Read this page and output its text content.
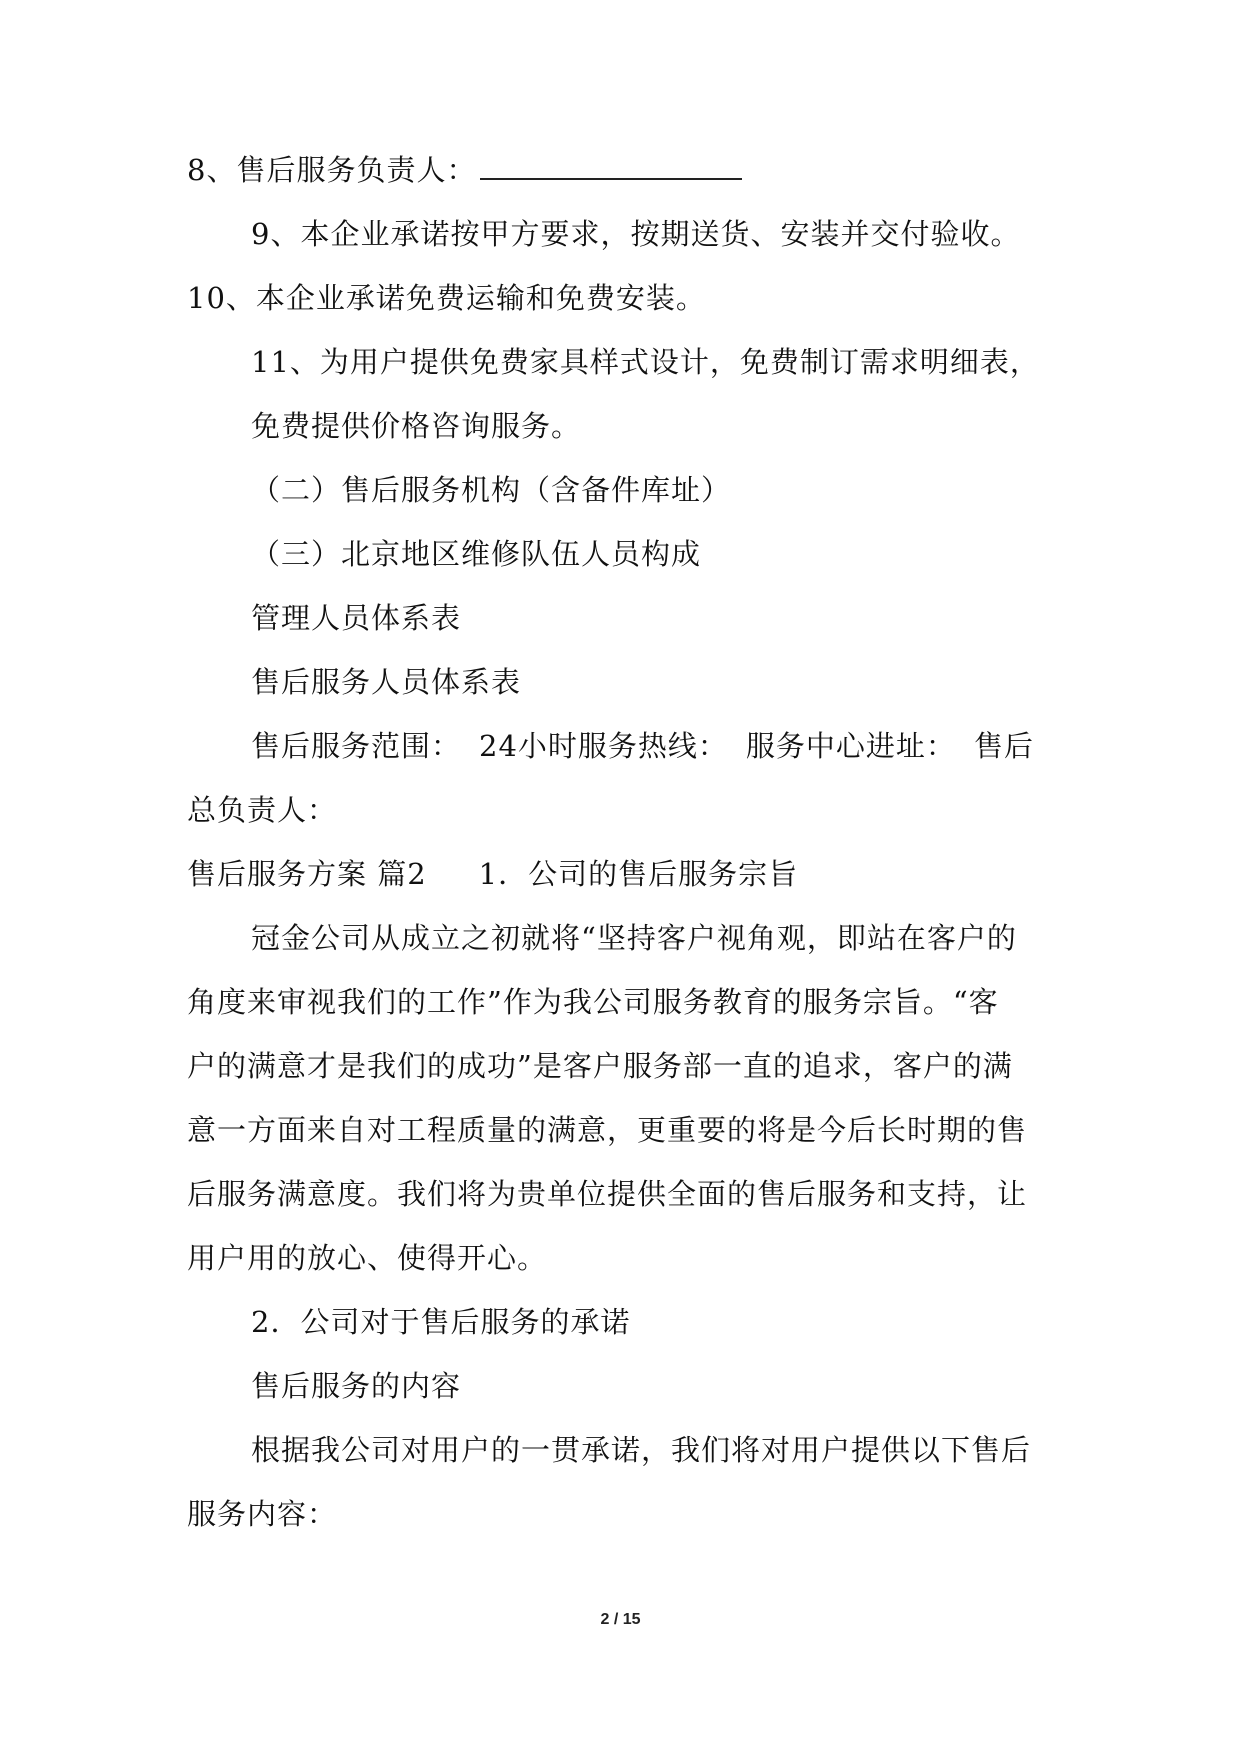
8、售后服务负责人：
9、本企业承诺按甲方要求，按期送货、安装并交付验收。
10、本企业承诺免费运输和免费安装。
11、为用户提供免费家具样式设计，免费制订需求明细表，
免费提供价格咨询服务。
（二）售后服务机构（含备件库址）
（三）北京地区维修队伍人员构成
管理人员体系表
售后服务人员体系表
售后服务范围： 24小时服务热线： 服务中心进址： 售后
总负责人：
售后服务方案 篇2 1．公司的售后服务宗旨
冠金公司从成立之初就将“坚持客户视角观，即站在客户的
角度来审视我们的工作”作为我公司服务教育的服务宗旨。“客
户的满意才是我们的成功”是客户服务部一直的追求，客户的满
意一方面来自对工程质量的满意，更重要的将是今后长时期的售
后服务满意度。我们将为贵单位提供全面的售后服务和支持，让
用户用的放心、使得开心。
2．公司对于售后服务的承诺
售后服务的内容
根据我公司对用户的一贯承诺，我们将对用户提供以下售后
服务内容：
2 / 15
